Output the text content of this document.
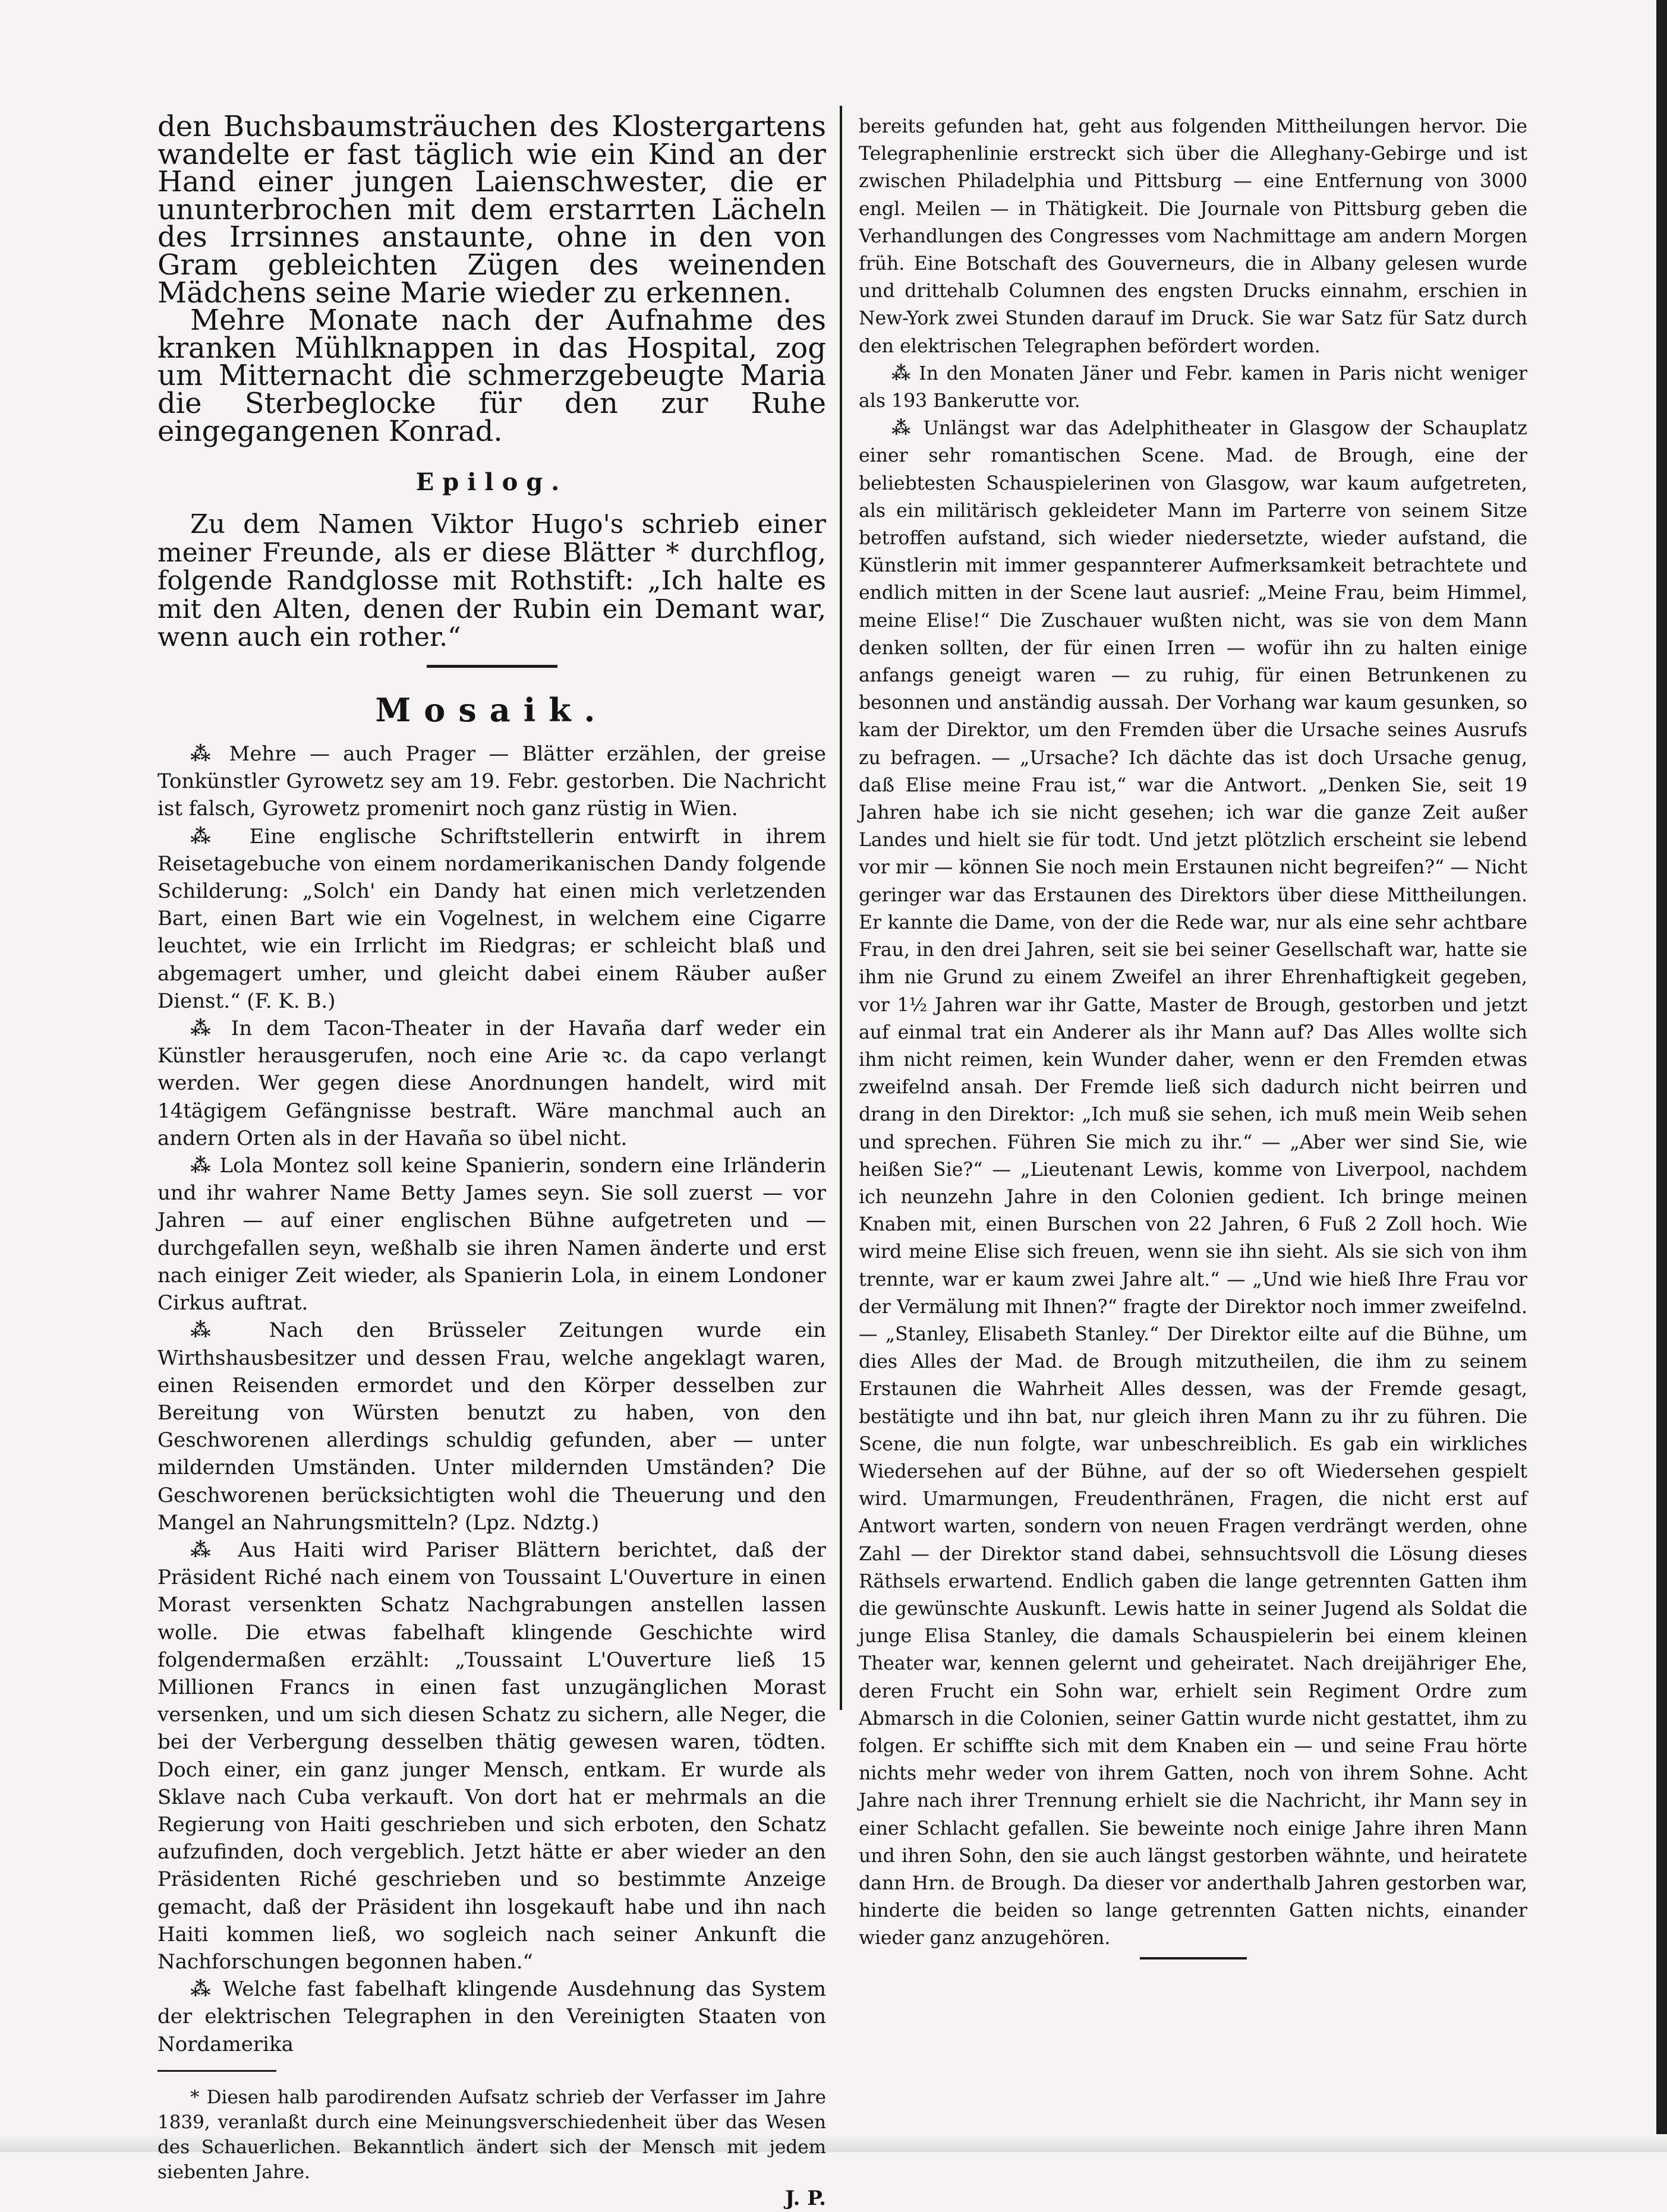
den Buchsbaumsträuchen des Klostergartens wandelte er fast täglich wie ein Kind an der Hand einer jungen Laienschwester, die er ununterbrochen mit dem erstarrten Lächeln des Irrsinnes anstaunte, ohne in den von Gram gebleichten Zügen des weinenden Mädchens seine Marie wieder zu erkennen.

Mehre Monate nach der Aufnahme des kranken Mühlknappen in das Hospital, zog um Mitternacht die schmerzgebeugte Maria die Sterbeglocke für den zur Ruhe eingegangenen Konrad.

Epilog.

Zu dem Namen Viktor Hugo's schrieb einer meiner Freunde, als er diese Blätter * durchflog, folgende Randglosse mit Rothstift: „Ich halte es mit den Alten, denen der Rubin ein Demant war, wenn auch ein rother.“

Mosaik.

⁂ Mehre — auch Prager — Blätter erzählen, der greise Tonkünstler Gyrowetz sey am 19. Febr. gestorben. Die Nachricht ist falsch, Gyrowetz promenirt noch ganz rüstig in Wien.

⁂ Eine englische Schriftstellerin entwirft in ihrem Reisetagebuche von einem nordamerikanischen Dandy folgende Schilderung: „Solch' ein Dandy hat einen mich verletzenden Bart, einen Bart wie ein Vogelnest, in welchem eine Cigarre leuchtet, wie ein Irrlicht im Riedgras; er schleicht blaß und abgemagert umher, und gleicht dabei einem Räuber außer Dienst.“ (F. K. B.)

⁂ In dem Tacon-Theater in der Havaña darf weder ein Künstler herausgerufen, noch eine Arie ꝛc. da capo verlangt werden. Wer gegen diese Anordnungen handelt, wird mit 14tägigem Gefängnisse bestraft. Wäre manchmal auch an andern Orten als in der Havaña so übel nicht.

⁂ Lola Montez soll keine Spanierin, sondern eine Irländerin und ihr wahrer Name Betty James seyn. Sie soll zuerst — vor Jahren — auf einer englischen Bühne aufgetreten und — durchgefallen seyn, weßhalb sie ihren Namen änderte und erst nach einiger Zeit wieder, als Spanierin Lola, in einem Londoner Cirkus auftrat.

⁂ Nach den Brüsseler Zeitungen wurde ein Wirthshausbesitzer und dessen Frau, welche angeklagt waren, einen Reisenden ermordet und den Körper desselben zur Bereitung von Würsten benutzt zu haben, von den Geschworenen allerdings schuldig gefunden, aber — unter mildernden Umständen. Unter mildernden Umständen? Die Geschworenen berücksichtigten wohl die Theuerung und den Mangel an Nahrungsmitteln? (Lpz. Ndztg.)

⁂ Aus Haiti wird Pariser Blättern berichtet, daß der Präsident Riché nach einem von Toussaint L'Ouverture in einen Morast versenkten Schatz Nachgrabungen anstellen lassen wolle. Die etwas fabelhaft klingende Geschichte wird folgendermaßen erzählt: „Toussaint L'Ouverture ließ 15 Millionen Francs in einen fast unzugänglichen Morast versenken, und um sich diesen Schatz zu sichern, alle Neger, die bei der Verbergung desselben thätig gewesen waren, tödten. Doch einer, ein ganz junger Mensch, entkam. Er wurde als Sklave nach Cuba verkauft. Von dort hat er mehrmals an die Regierung von Haiti geschrieben und sich erboten, den Schatz aufzufinden, doch vergeblich. Jetzt hätte er aber wieder an den Präsidenten Riché geschrieben und so bestimmte Anzeige gemacht, daß der Präsident ihn losgekauft habe und ihn nach Haiti kommen ließ, wo sogleich nach seiner Ankunft die Nachforschungen begonnen haben.“

⁂ Welche fast fabelhaft klingende Ausdehnung das System der elektrischen Telegraphen in den Vereinigten Staaten von Nordamerika

* Diesen halb parodirenden Aufsatz schrieb der Verfasser im Jahre 1839, veranlaßt durch eine Meinungsverschiedenheit über das Wesen des Schauerlichen. Bekanntlich ändert sich der Mensch mit jedem siebenten Jahre.

J. P.

bereits gefunden hat, geht aus folgenden Mittheilungen hervor. Die Telegraphenlinie erstreckt sich über die Alleghany-Gebirge und ist zwischen Philadelphia und Pittsburg — eine Entfernung von 3000 engl. Meilen — in Thätigkeit. Die Journale von Pittsburg geben die Verhandlungen des Congresses vom Nachmittage am andern Morgen früh. Eine Botschaft des Gouverneurs, die in Albany gelesen wurde und drittehalb Columnen des engsten Drucks einnahm, erschien in New-York zwei Stunden darauf im Druck. Sie war Satz für Satz durch den elektrischen Telegraphen befördert worden.

⁂ In den Monaten Jäner und Febr. kamen in Paris nicht weniger als 193 Bankerutte vor.

⁂ Unlängst war das Adelphitheater in Glasgow der Schauplatz einer sehr romantischen Scene. Mad. de Brough, eine der beliebtesten Schauspielerinen von Glasgow, war kaum aufgetreten, als ein militärisch gekleideter Mann im Parterre von seinem Sitze betroffen aufstand, sich wieder niedersetzte, wieder aufstand, die Künstlerin mit immer gespannterer Aufmerksamkeit betrachtete und endlich mitten in der Scene laut ausrief: „Meine Frau, beim Himmel, meine Elise!“ Die Zuschauer wußten nicht, was sie von dem Mann denken sollten, der für einen Irren — wofür ihn zu halten einige anfangs geneigt waren — zu ruhig, für einen Betrunkenen zu besonnen und anständig aussah. Der Vorhang war kaum gesunken, so kam der Direktor, um den Fremden über die Ursache seines Ausrufs zu befragen. — „Ursache? Ich dächte das ist doch Ursache genug, daß Elise meine Frau ist,“ war die Antwort. „Denken Sie, seit 19 Jahren habe ich sie nicht gesehen; ich war die ganze Zeit außer Landes und hielt sie für todt. Und jetzt plötzlich erscheint sie lebend vor mir — können Sie noch mein Erstaunen nicht begreifen?“ — Nicht geringer war das Erstaunen des Direktors über diese Mittheilungen. Er kannte die Dame, von der die Rede war, nur als eine sehr achtbare Frau, in den drei Jahren, seit sie bei seiner Gesellschaft war, hatte sie ihm nie Grund zu einem Zweifel an ihrer Ehrenhaftigkeit gegeben, vor 1½ Jahren war ihr Gatte, Master de Brough, gestorben und jetzt auf einmal trat ein Anderer als ihr Mann auf? Das Alles wollte sich ihm nicht reimen, kein Wunder daher, wenn er den Fremden etwas zweifelnd ansah. Der Fremde ließ sich dadurch nicht beirren und drang in den Direktor: „Ich muß sie sehen, ich muß mein Weib sehen und sprechen. Führen Sie mich zu ihr.“ — „Aber wer sind Sie, wie heißen Sie?“ — „Lieutenant Lewis, komme von Liverpool, nachdem ich neunzehn Jahre in den Colonien gedient. Ich bringe meinen Knaben mit, einen Burschen von 22 Jahren, 6 Fuß 2 Zoll hoch. Wie wird meine Elise sich freuen, wenn sie ihn sieht. Als sie sich von ihm trennte, war er kaum zwei Jahre alt.“ — „Und wie hieß Ihre Frau vor der Vermälung mit Ihnen?“ fragte der Direktor noch immer zweifelnd. — „Stanley, Elisabeth Stanley.“ Der Direktor eilte auf die Bühne, um dies Alles der Mad. de Brough mitzutheilen, die ihm zu seinem Erstaunen die Wahrheit Alles dessen, was der Fremde gesagt, bestätigte und ihn bat, nur gleich ihren Mann zu ihr zu führen. Die Scene, die nun folgte, war unbeschreiblich. Es gab ein wirkliches Wiedersehen auf der Bühne, auf der so oft Wiedersehen gespielt wird. Umarmungen, Freudenthränen, Fragen, die nicht erst auf Antwort warten, sondern von neuen Fragen verdrängt werden, ohne Zahl — der Direktor stand dabei, sehnsuchtsvoll die Lösung dieses Räthsels erwartend. Endlich gaben die lange getrennten Gatten ihm die gewünschte Auskunft. Lewis hatte in seiner Jugend als Soldat die junge Elisa Stanley, die damals Schauspielerin bei einem kleinen Theater war, kennen gelernt und geheiratet. Nach dreijähriger Ehe, deren Frucht ein Sohn war, erhielt sein Regiment Ordre zum Abmarsch in die Colonien, seiner Gattin wurde nicht gestattet, ihm zu folgen. Er schiffte sich mit dem Knaben ein — und seine Frau hörte nichts mehr weder von ihrem Gatten, noch von ihrem Sohne. Acht Jahre nach ihrer Trennung erhielt sie die Nachricht, ihr Mann sey in einer Schlacht gefallen. Sie beweinte noch einige Jahre ihren Mann und ihren Sohn, den sie auch längst gestorben wähnte, und heiratete dann Hrn. de Brough. Da dieser vor anderthalb Jahren gestorben war, hinderte die beiden so lange getrennten Gatten nichts, einander wieder ganz anzugehören.
